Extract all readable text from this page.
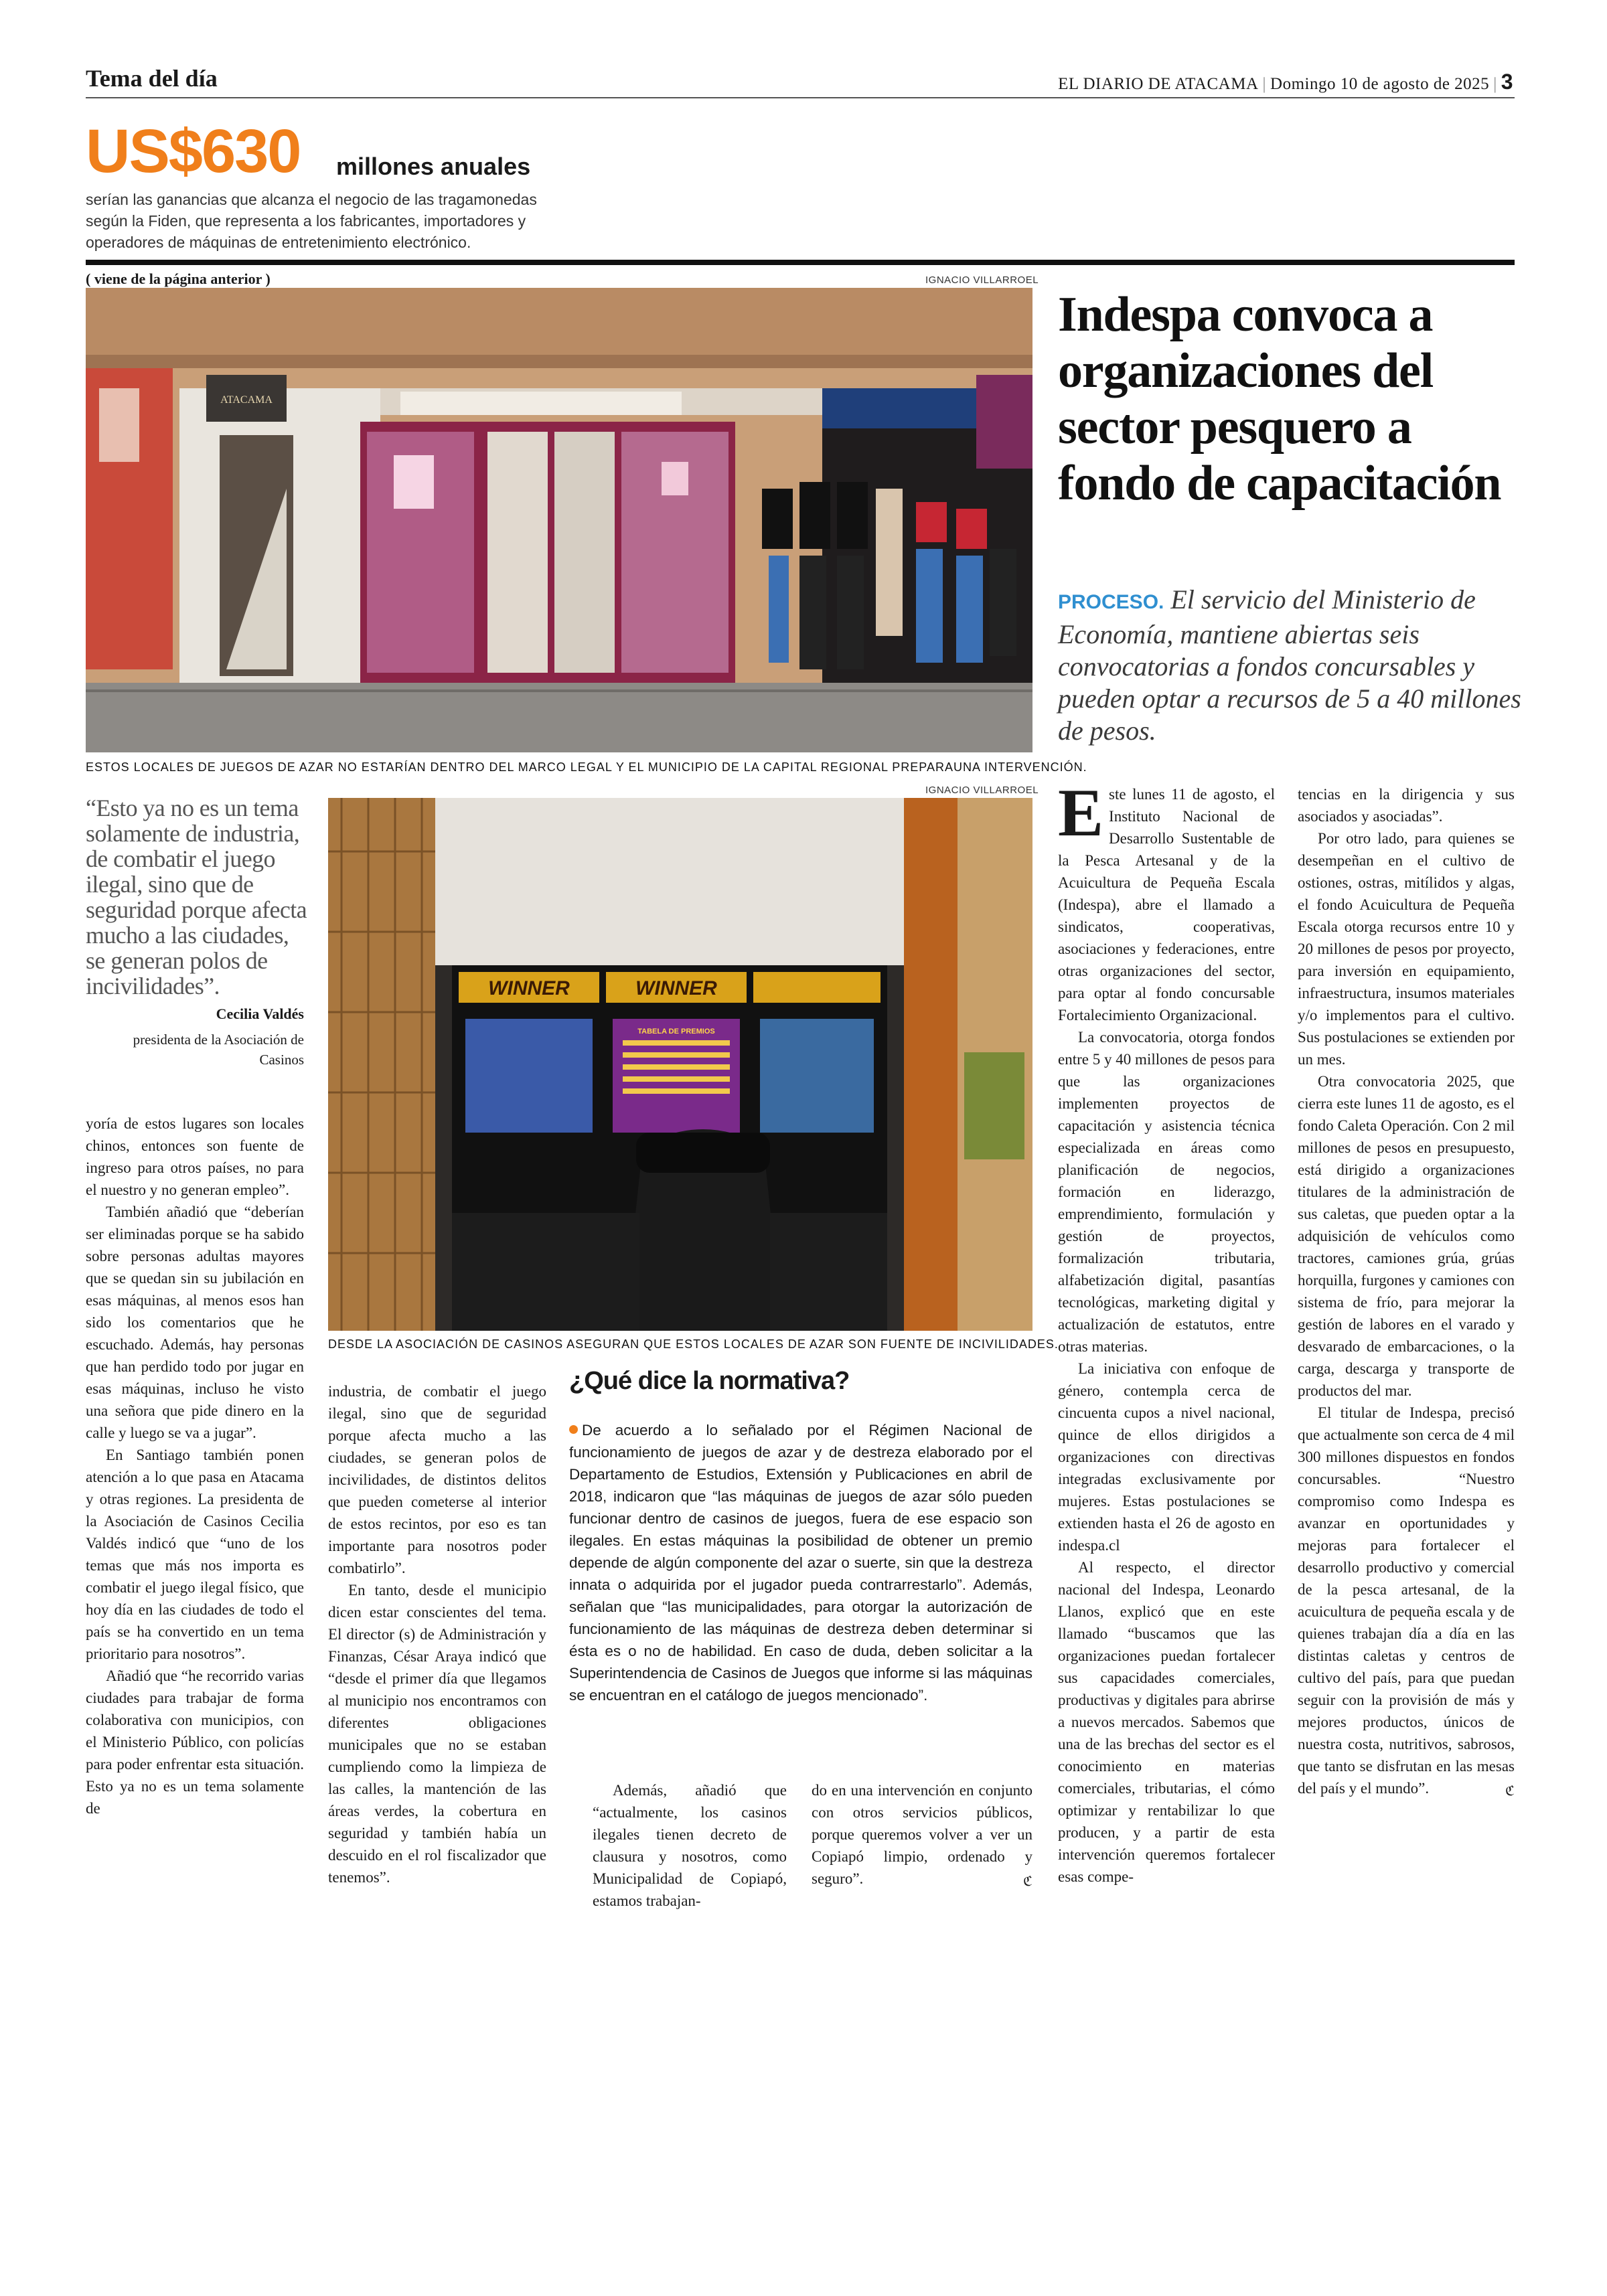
Tema del día	EL DIARIO DE ATACAMA | Domingo 10 de agosto de 2025 | 3
US$630 millones anuales
serían las ganancias que alcanza el negocio de las tragamonedas según la Fiden, que representa a los fabricantes, importadores y operadores de máquinas de entretenimiento electrónico.
( viene de la página anterior )	IGNACIO VILLARROEL
ATACAMA
ESTOS LOCALES DE JUEGOS DE AZAR NO ESTARÍAN DENTRO DEL MARCO LEGAL Y EL MUNICIPIO DE LA CAPITAL REGIONAL PREPARAUNA INTERVENCIÓN.
“Esto ya no es un tema solamente de industria, de combatir el juego ilegal, sino que de seguridad porque afecta mucho a las ciudades, se generan polos de incivilidades”.
Cecilia Valdés
presidenta de la Asociación de Casinos
IGNACIO VILLARROEL
WINNER	WINNER
TABELA DE PREMIOS
DESDE LA ASOCIACIÓN DE CASINOS ASEGURAN QUE ESTOS LOCALES DE AZAR SON FUENTE DE INCIVILIDADES.

yoría de estos lugares son locales chinos, entonces son fuente de ingreso para otros países, no para el nuestro y no generan empleo”.

También añadió que “deberían ser eliminadas porque se ha sabido sobre personas adultas mayores que se quedan sin su jubilación en esas máquinas, al menos esos han sido los comentarios que he escuchado. Además, hay personas que han perdido todo por jugar en esas máquinas, incluso he visto una señora que pide dinero en la calle y luego se va a jugar”.

En Santiago también ponen atención a lo que pasa en Atacama y otras regiones. La presidenta de la Asociación de Casinos Cecilia Valdés indicó que “uno de los temas que más nos importa es combatir el juego ilegal físico, que hoy día en las ciudades de todo el país se ha convertido en un tema prioritario para nosotros”.

Añadió que “he recorrido varias ciudades para trabajar de forma colaborativa con municipios, con el Ministerio Público, con policías para poder enfrentar esta situación. Esto ya no es un tema solamente de

industria, de combatir el juego ilegal, sino que de seguridad porque afecta mucho a las ciudades, se generan polos de incivilidades, de distintos delitos que pueden cometerse al interior de estos recintos, por eso es tan importante para nosotros poder combatirlo”.

En tanto, desde el municipio dicen estar conscientes del tema. El director (s) de Administración y Finanzas, César Araya indicó que “desde el primer día que llegamos al municipio nos encontramos con diferentes obligaciones municipales que no se estaban cumpliendo como la limpieza de las calles, la mantención de las áreas verdes, la cobertura en seguridad y también había un descuido en el rol fiscalizador que tenemos”.

¿Qué dice la normativa?
De acuerdo a lo señalado por el Régimen Nacional de funcionamiento de juegos de azar y de destreza elaborado por el Departamento de Estudios, Extensión y Publicaciones en abril de 2018, indicaron que “las máquinas de juegos de azar sólo pueden funcionar dentro de casinos de juegos, fuera de ese espacio son ilegales. En estas máquinas la posibilidad de obtener un premio depende de algún componente del azar o suerte, sin que la destreza innata o adquirida por el jugador pueda contrarrestarlo”. Además, señalan que “las municipalidades, para otorgar la autorización de funcionamiento de las máquinas de destreza deben determinar si ésta es o no de habilidad. En caso de duda, deben solicitar a la Superintendencia de Casinos de Juegos que informe si las máquinas se encuentran en el catálogo de juegos mencionado”.

Además, añadió que “actualmente, los casinos ilegales tienen decreto de clausura y nosotros, como Municipalidad de Copiapó, estamos trabajan-

do en una intervención en conjunto con otros servicios públicos, porque queremos volver a ver un Copiapó limpio, ordenado y seguro”.	ℭ

Indespa convoca a organizaciones del sector pesquero a fondo de capacitación
PROCESO. El servicio del Ministerio de Economía, mantiene abiertas seis convocatorias a fondos concursables y pueden optar a recursos de 5 a 40 millones de pesos.

Este lunes 11 de agosto, el Instituto Nacional de Desarrollo Sustentable de la Pesca Artesanal y de la Acuicultura de Pequeña Escala (Indespa), abre el llamado a sindicatos, cooperativas, asociaciones y federaciones, entre otras organizaciones del sector, para optar al fondo concursable Fortalecimiento Organizacional.

La convocatoria, otorga fondos entre 5 y 40 millones de pesos para que las organizaciones implementen proyectos de capacitación y asistencia técnica especializada en áreas como planificación de negocios, formación en liderazgo, emprendimiento, formulación y gestión de proyectos, formalización tributaria, alfabetización digital, pasantías tecnológicas, marketing digital y actualización de estatutos, entre otras materias.

La iniciativa con enfoque de género, contempla cerca de cincuenta cupos a nivel nacional, quince de ellos dirigidos a organizaciones con directivas integradas exclusivamente por mujeres. Estas postulaciones se extienden hasta el 26 de agosto en indespa.cl

Al respecto, el director nacional del Indespa, Leonardo Llanos, explicó que en este llamado “buscamos que las organizaciones puedan fortalecer sus capacidades comerciales, productivas y digitales para abrirse a nuevos mercados. Sabemos que una de las brechas del sector es el conocimiento en materias comerciales, tributarias, el cómo optimizar y rentabilizar lo que producen, y a partir de esta intervención queremos fortalecer esas compe-

tencias en la dirigencia y sus asociados y asociadas”.

Por otro lado, para quienes se desempeñan en el cultivo de ostiones, ostras, mitílidos y algas, el fondo Acuicultura de Pequeña Escala otorga recursos entre 10 y 20 millones de pesos por proyecto, para inversión en equipamiento, infraestructura, insumos materiales y/o implementos para el cultivo. Sus postulaciones se extienden por un mes.

Otra convocatoria 2025, que cierra este lunes 11 de agosto, es el fondo Caleta Operación. Con 2 mil millones de pesos en presupuesto, está dirigido a organizaciones titulares de la administración de sus caletas, que pueden optar a la adquisición de vehículos como tractores, camiones grúa, grúas horquilla, furgones y camiones con sistema de frío, para mejorar la gestión de labores en el varado y desvarado de embarcaciones, o la carga, descarga y transporte de productos del mar.

El titular de Indespa, precisó que actualmente son cerca de 4 mil 300 millones dispuestos en fondos concursables. “Nuestro compromiso como Indespa es avanzar en oportunidades y mejoras para fortalecer el desarrollo productivo y comercial de la pesca artesanal, de la acuicultura de pequeña escala y de quienes trabajan día a día en las distintas caletas y centros de cultivo del país, para que puedan seguir con la provisión de más y mejores productos, únicos de nuestra costa, nutritivos, sabrosos, que tanto se disfrutan en las mesas del país y el mundo”.	ℭ
